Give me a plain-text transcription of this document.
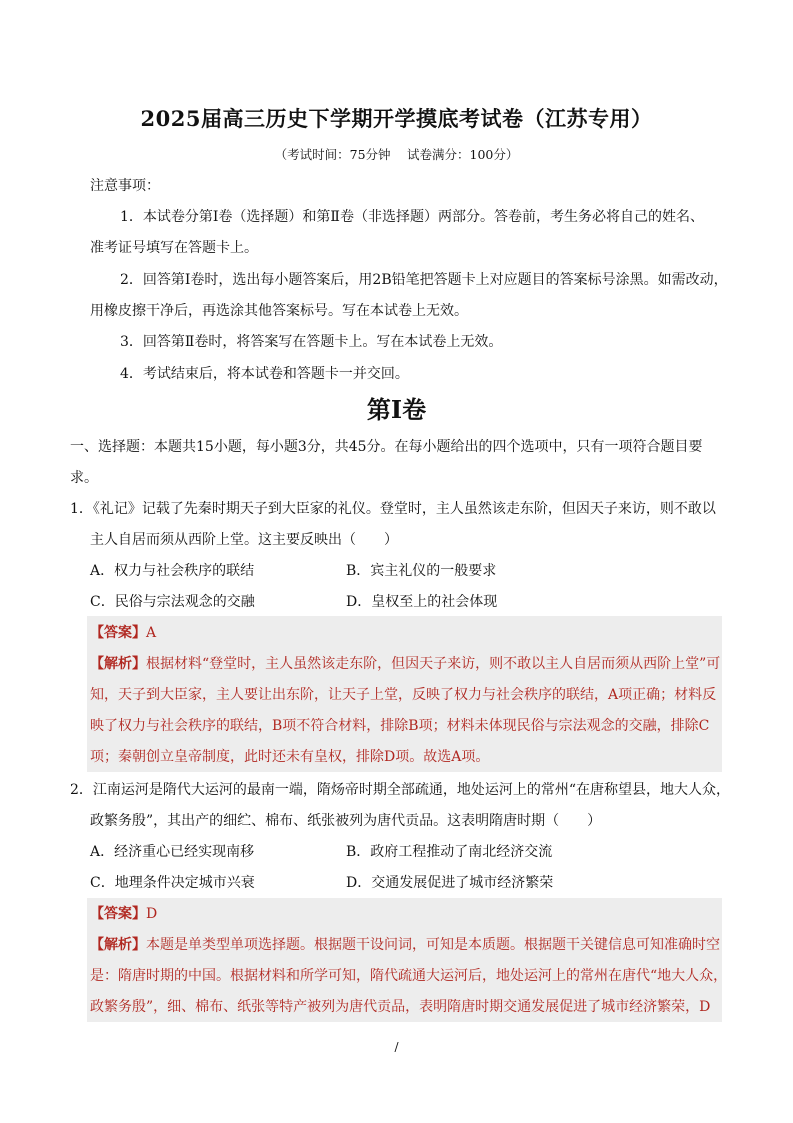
2025届高三历史下学期开学摸底考试卷（江苏专用）
（考试时间：75分钟　 试卷满分：100分）
注意事项：
1．本试卷分第Ⅰ卷（选择题）和第Ⅱ卷（非选择题）两部分。答卷前，考生务必将自己的姓名、
准考证号填写在答题卡上。
2．回答第Ⅰ卷时，选出每小题答案后，用2B铅笔把答题卡上对应题目的答案标号涂黑。如需改动，
用橡皮擦干净后，再选涂其他答案标号。写在本试卷上无效。
3．回答第Ⅱ卷时，将答案写在答题卡上。写在本试卷上无效。
4．考试结束后，将本试卷和答题卡一并交回。
第Ⅰ卷
一、选择题：本题共15小题，每小题3分，共45分。在每小题给出的四个选项中，只有一项符合题目要
求。
1．《礼记》记载了先秦时期天子到大臣家的礼仪。登堂时，主人虽然该走东阶，但因天子来访，则不敢以
主人自居而须从西阶上堂。这主要反映出（　　）
A．权力与社会秩序的联结	B．宾主礼仪的一般要求
C．民俗与宗法观念的交融	D．皇权至上的社会体现
【答案】A
【解析】根据材料“登堂时，主人虽然该走东阶，但因天子来访，则不敢以主人自居而须从西阶上堂”可
知，天子到大臣家，主人要让出东阶，让天子上堂，反映了权力与社会秩序的联结，A项正确；材料反
映了权力与社会秩序的联结，B项不符合材料，排除B项；材料未体现民俗与宗法观念的交融，排除C
项；秦朝创立皇帝制度，此时还未有皇权，排除D项。故选A项。
2．江南运河是隋代大运河的最南一端，隋炀帝时期全部疏通，地处运河上的常州“在唐称望县，地大人众，
政繁务殷”，其出产的细纻、棉布、纸张被列为唐代贡品。这表明隋唐时期（　　）
A．经济重心已经实现南移	B．政府工程推动了南北经济交流
C．地理条件决定城市兴衰	D．交通发展促进了城市经济繁荣
【答案】D
【解析】本题是单类型单项选择题。根据题干设问词，可知是本质题。根据题干关键信息可知准确时空
是：隋唐时期的中国。根据材料和所学可知，隋代疏通大运河后，地处运河上的常州在唐代“地大人众，
政繁务殷”，细、棉布、纸张等特产被列为唐代贡品，表明隋唐时期交通发展促进了城市经济繁荣，D
/
